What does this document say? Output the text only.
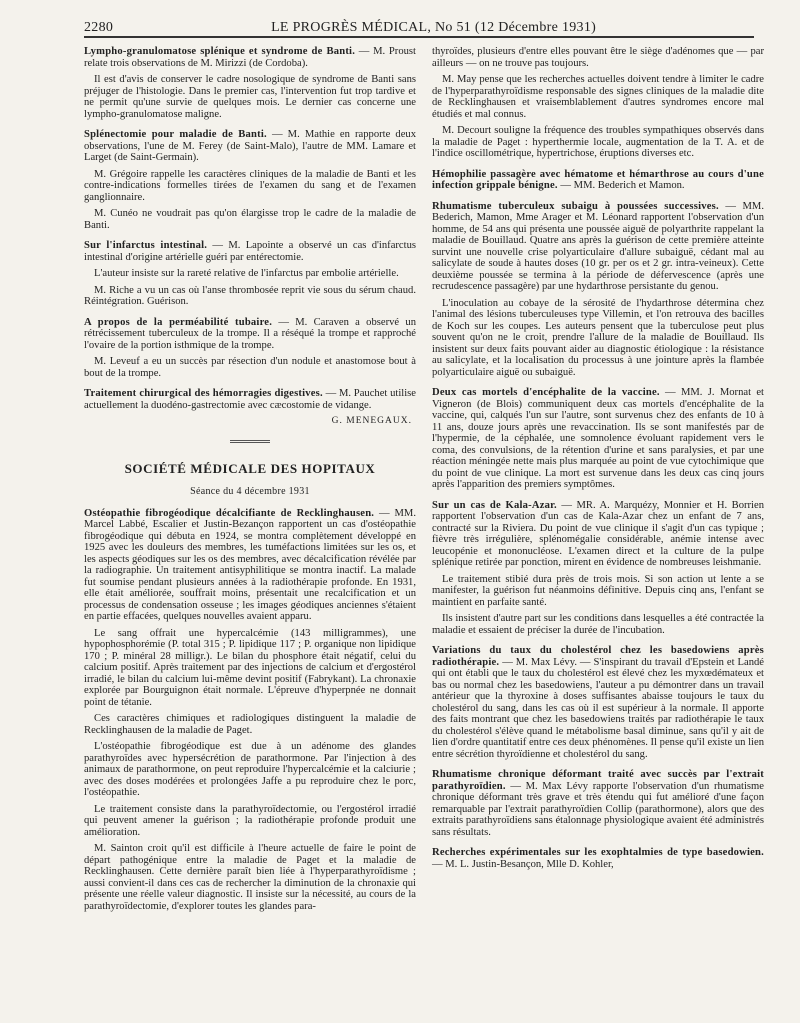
2280	LE PROGRÈS MÉDICAL, No 51 (12 Décembre 1931)

Lympho-granulomatose splénique et syndrome de Banti. — M. Proust relate trois observations de M. Mirizzi (de Cordoba).

Il est d'avis de conserver le cadre nosologique de syndrome de Banti sans préjuger de l'histologie. Dans le premier cas, l'intervention fut trop tardive et ne permit qu'une survie de quelques mois. Le dernier cas concerne une lympho-granulomatose maligne.

Splénectomie pour maladie de Banti. — M. Mathie en rapporte deux observations, l'une de M. Ferey (de Saint-Malo), l'autre de MM. Lamare et Larget (de Saint-Germain).

M. Grégoire rappelle les caractères cliniques de la maladie de Banti et les contre-indications formelles tirées de l'examen du sang et de l'examen ganglionnaire.

M. Cunéo ne voudrait pas qu'on élargisse trop le cadre de la maladie de Banti.

Sur l'infarctus intestinal. — M. Lapointe a observé un cas d'infarctus intestinal d'origine artérielle guéri par entérectomie.

L'auteur insiste sur la rareté relative de l'infarctus par embolie artérielle.

M. Riche a vu un cas où l'anse thrombosée reprit vie sous du sérum chaud. Réintégration. Guérison.

A propos de la perméabilité tubaire. — M. Caraven a observé un rétrécissement tuberculeux de la trompe. Il a réséqué la trompe et rapproché l'ovaire de la portion isthmique de la trompe.

M. Leveuf a eu un succès par résection d'un nodule et anastomose bout à bout de la trompe.

Traitement chirurgical des hémorragies digestives. — M. Pauchet utilise actuellement la duodéno-gastrectomie avec cæcostomie de vidange.

G. MENEGAUX.
SOCIÉTÉ MÉDICALE DES HOPITAUX
Séance du 4 décembre 1931

Ostéopathie fibrogéodique décalcifiante de Recklinghausen. — MM. Marcel Labbé, Escalier et Justin-Bezançon rapportent un cas d'ostéopathie fibrogéodique qui débuta en 1924, se montra complètement développé en 1925 avec les douleurs des membres, les tuméfactions limitées sur les os, et les aspects géodiques sur les os des membres, avec décalcification révélée par la radiographie. Un traitement antisyphilitique se montra inactif. La malade fut soumise pendant plusieurs années à la radiothérapie profonde. En 1931, elle était améliorée, souffrait moins, présentait une recalcification et un processus de condensation osseuse ; les images géodiques anciennes s'étaient en partie effacées, quelques nouvelles avaient apparu.

Le sang offrait une hypercalcémie (143 milligrammes), une hypophosphorémie (P. total 315 ; P. lipidique 117 ; P. organique non lipidique 170 ; P. minéral 28 milligr.). Le bilan du phosphore était négatif, celui du calcium positif. Après traitement par des injections de calcium et d'ergostérol irradié, le bilan du calcium lui-même devint positif (Fabrykant). La chronaxie explorée par Bourguignon était normale. L'épreuve d'hyperpnée ne donnait point de tétanie.

Ces caractères chimiques et radiologiques distinguent la maladie de Recklinghausen de la maladie de Paget.

L'ostéopathie fibrogéodique est due à un adénome des glandes parathyroïdes avec hypersécrétion de parathormone. Par l'injection à des animaux de parathormone, on peut reproduire l'hypercalcémie et la calciurie ; avec des doses modérées et prolongées Jaffe a pu reproduire chez le porc, l'ostéopathie.

Le traitement consiste dans la parathyroïdectomie, ou l'ergostérol irradié qui peuvent amener la guérison ; la radiothérapie profonde produit une amélioration.

M. Sainton croit qu'il est difficile à l'heure actuelle de faire le point de départ pathogénique entre la maladie de Paget et la maladie de Recklinghausen. Cette dernière paraît bien liée à l'hyperparathyroïdisme ; aussi convient-il dans ces cas de rechercher la diminution de la chronaxie qui présente une réelle valeur diagnostic. Il insiste sur la nécessité, au cours de la parathyroïdectomie, d'explorer toutes les glandes para-

thyroïdes, plusieurs d'entre elles pouvant être le siège d'adénomes que — par ailleurs — on ne trouve pas toujours.

M. May pense que les recherches actuelles doivent tendre à limiter le cadre de l'hyperparathyroïdisme responsable des signes cliniques de la maladie dite de Recklinghausen et vraisemblablement d'autres syndromes encore mal étudiés et mal connus.

M. Decourt souligne la fréquence des troubles sympathiques observés dans la maladie de Paget : hyperthermie locale, augmentation de la T. A. et de l'indice oscillométrique, hypertrichose, éruptions diverses etc.

Hémophilie passagère avec hématome et hémarthrose au cours d'une infection grippale bénigne. — MM. Bederich et Mamon.

Rhumatisme tuberculeux subaigu à poussées successives. — MM. Bederich, Mamon, Mme Arager et M. Léonard rapportent l'observation d'un homme, de 54 ans qui présenta une poussée aiguë de polyarthrite rappelant la maladie de Bouillaud. Quatre ans après la guérison de cette première atteinte survint une nouvelle crise polyarticulaire d'allure subaiguë, cédant mal au salicylate de soude à hautes doses (10 gr. per os et 2 gr. intra-veineux). Cette deuxième poussée se termina à la période de défervescence (après une recrudescence passagère) par une hydarthrose persistante du genou.

L'inoculation au cobaye de la sérosité de l'hydarthrose détermina chez l'animal des lésions tuberculeuses type Villemin, et l'on retrouva des bacilles de Koch sur les coupes. Les auteurs pensent que la tuberculose peut plus souvent qu'on ne le croit, prendre l'allure de la maladie de Bouillaud. Ils insistent sur deux faits pouvant aider au diagnostic étiologique : la résistance au salicylate, et la localisation du processus à une jointure après la flambée polyarticulaire aiguë ou subaiguë.

Deux cas mortels d'encéphalite de la vaccine. — MM. J. Mornat et Vigneron (de Blois) communiquent deux cas mortels d'encéphalite de la vaccine, qui, calqués l'un sur l'autre, sont survenus chez des enfants de 10 à 11 ans, douze jours après une revaccination. Ils se sont manifestés par de l'hypermie, de la céphalée, une somnolence évoluant rapidement vers le coma, des convulsions, de la rétention d'urine et sans paralysies, et par une réaction méningée nette mais plus marquée au point de vue cytochimique que du point de vue clinique. La mort est survenue dans les deux cas cinq jours après l'apparition des premiers symptômes.

Sur un cas de Kala-Azar. — MR. A. Marquézy, Monnier et H. Borrien rapportent l'observation d'un cas de Kala-Azar chez un enfant de 7 ans, contracté sur la Riviera. Du point de vue clinique il s'agit d'un cas typique ; fièvre très irrégulière, splénomégalie considérable, anémie intense avec leucopénie et mononucléose. L'examen direct et la culture de la pulpe splénique retirée par ponction, mirent en évidence de nombreuses leishmanie.

Le traitement stibié dura près de trois mois. Si son action ut lente a se manifester, la guérison fut néanmoins définitive. Depuis cinq ans, l'enfant se maintient en parfaite santé.

Ils insistent d'autre part sur les conditions dans lesquelles a été contractée la maladie et essaient de préciser la durée de l'incubation.

Variations du taux du cholestérol chez les basedowiens après radiothérapie. — M. Max Lévy. — S'inspirant du travail d'Epstein et Landé qui ont établi que le taux du cholestérol est élevé chez les myxœdémateux et bas ou normal chez les basedowiens, l'auteur a pu démontrer dans un travail antérieur que la thyroxine à doses suffisantes abaisse toujours le taux du cholestérol du sang, dans les cas où il est supérieur à la normale. Il apporte des faits montrant que chez les basedowiens traités par radiothérapie le taux du cholestérol s'élève quand le métabolisme basal diminue, sans qu'il y ait de lien d'ordre quantitatif entre ces deux phénomènes. Il pense qu'il existe un lien entre sécrétion thyroïdienne et cholestérol du sang.

Rhumatisme chronique déformant traité avec succès par l'extrait parathyroïdien. — M. Max Lévy rapporte l'observation d'un rhumatisme chronique déformant très grave et très étendu qui fut amélioré d'une façon remarquable par l'extrait parathyroïdien Collip (parathormone), alors que des extraits parathyroïdiens sans étalonnage physiologique avaient été administrés sans résultats.

Recherches expérimentales sur les exophtalmies de type basedowien. — M. L. Justin-Besançon, Mlle D. Kohler,
